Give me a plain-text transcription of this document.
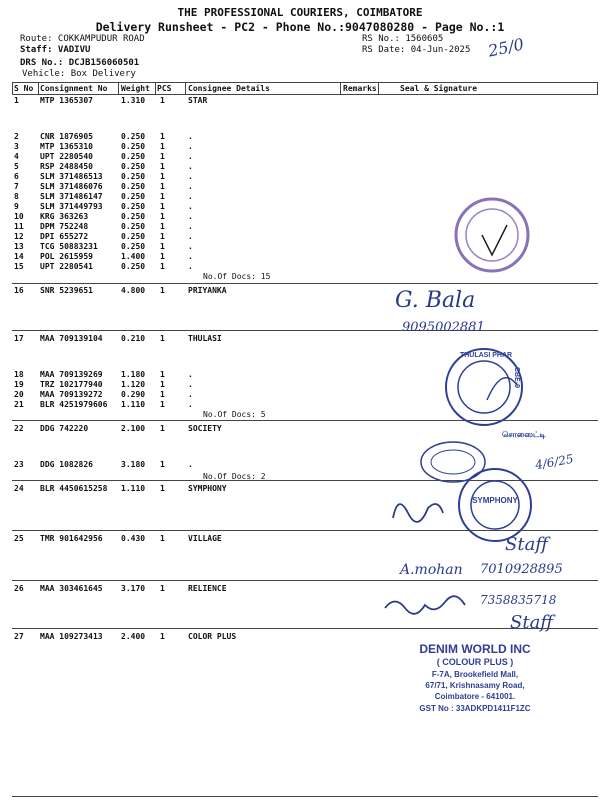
THE PROFESSIONAL COURIERS, COIMBATORE
Delivery Runsheet - PC2 - Phone No.:9047080280 - Page No.:1
Route: COKKAMPUDUR ROAD
Staff: VADIVU
DRS No.: DCJB156060501
Vehicle: Box Delivery
RS No.: 1560605
RS Date: 04-Jun-2025 25/0
S No Consignment No Weight PCS Consignee Details	Remarks	Seal & Signature
1	MTP 1365307	1.310 1	STAR
2	CNR 1876905	0.250 1	.
3	MTP 1365310	0.250 1	.
4	UPT 2280540	0.250 1	.
5	RSP 2488450	0.250 1	.
6	SLM 371486513 0.250 1	.
7	SLM 371486076 0.250 1	.
8	SLM 371486147 0.250 1	.
9	SLM 371449793 0.250 1	.
10 KRG 363263	0.250 1	.
11 DPM 752248	0.250 1	.
12 DPI 655272	0.250 1	.
13 TCG 50883231	0.250 1	.
14 POL 2615959	1.400 1	.
15 UPT 2280541	0.250 1	.
16 SNR 5239651	4.800 1	PRIYANKA
17 MAA 709139104 0.210 1	THULASI
18 MAA 709139269 1.180 1	.
19 TRZ 102177940 1.120 1	.
20 MAA 709139272 0.290 1	.
21 BLR 4251979606 1.110 1	.
22 DDG 742220	2.100 1	SOCIETY
23 DDG 1082826	3.180 1	.
24 BLR 4450615258 1.110 1	SYMPHONY
25 TMR 901642956 0.430 1	VILLAGE
26 MAA 303461645 3.170 1	RELIENCE
27 MAA 109273413 2.400 1	COLOR PLUS
No.Of Docs: 15
No.Of Docs: 5
No.Of Docs: 2
G. Bala
9095002881
THULASI PHAR
CBE-9
சொஸைட்டி
4/6/25
SYMPHONY
Staff
A.mohan 7010928895
7358835718
Staff
DENIM WORLD INC
( COLOUR PLUS )
F-7A, Brookefield Mall,
67/71, Krishnasamy Road,
Coimbatore - 641001.
GST No : 33ADKPD1411F1ZC
